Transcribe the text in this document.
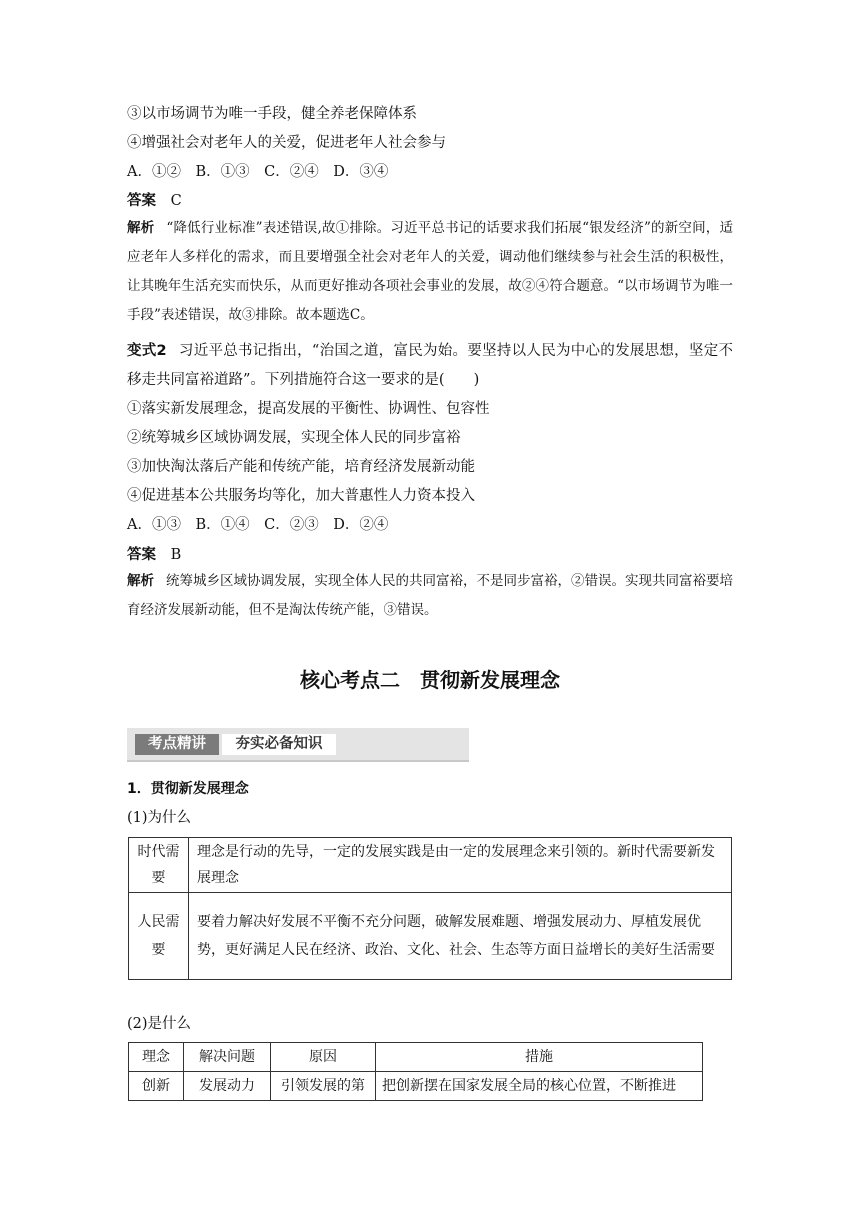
③以市场调节为唯一手段，健全养老保障体系
④增强社会对老年人的关爱，促进老年人社会参与
A．①②　B．①③　C．②④　D．③④
答案 C
解析 “降低行业标准”表述错误,故①排除。习近平总书记的话要求我们拓展“银发经济”的新空间，适应老年人多样化的需求，而且要增强全社会对老年人的关爱，调动他们继续参与社会生活的积极性，让其晚年生活充实而快乐，从而更好推动各项社会事业的发展，故②④符合题意。“以市场调节为唯一手段”表述错误，故③排除。故本题选C。
变式2 习近平总书记指出，“治国之道，富民为始。要坚持以人民为中心的发展思想，坚定不移走共同富裕道路”。下列措施符合这一要求的是(　　)
①落实新发展理念，提高发展的平衡性、协调性、包容性
②统筹城乡区域协调发展，实现全体人民的同步富裕
③加快淘汰落后产能和传统产能，培育经济发展新动能
④促进基本公共服务均等化，加大普惠性人力资本投入
A．①③　B．①④　C．②③　D．②④
答案 B
解析 统筹城乡区域协调发展，实现全体人民的共同富裕，不是同步富裕，②错误。实现共同富裕要培育经济发展新动能，但不是淘汰传统产能，③错误。
核心考点二　贯彻新发展理念
考点精讲	夯实必备知识
1．贯彻新发展理念
(1)为什么
时代需要	理念是行动的先导，一定的发展实践是由一定的发展理念来引领的。新时代需要新发展理念
人民需要	要着力解决好发展不平衡不充分问题，破解发展难题、增强发展动力、厚植发展优势，更好满足人民在经济、政治、文化、社会、生态等方面日益增长的美好生活需要
(2)是什么
理念	解决问题	原因	措施
创新	发展动力	引领发展的第	把创新摆在国家发展全局的核心位置，不断推进
